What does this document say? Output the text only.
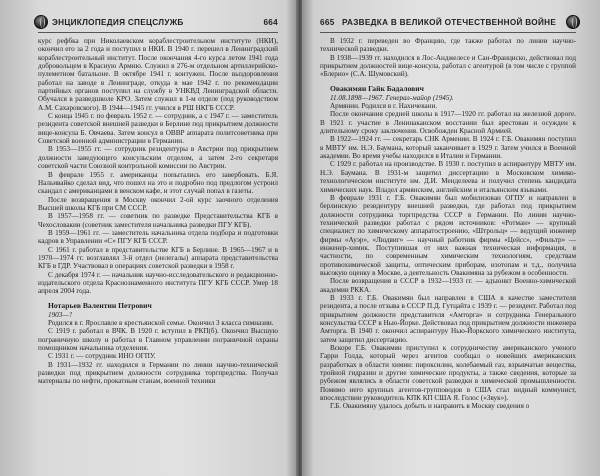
ЭНЦИКЛОПЕДИЯ СПЕЦСЛУЖБ	664

курс рефбка при Николаевском кораблестроительном институте (НКИ), окончил его за 2 года и поступил в НКИ. В 1940 г. перешел в Ленинградский кораблестроительный институт. После окончания 4-го курса летом 1941 года добровольцем в Красную Армию. Служил в 276-м отдельном артиллерийско-пулеметном батальоне. В октябре 1941 г. контужен. После выздоровления работал на заводе в Ленинграде, откуда в мае 1942 г. по рекомендации партийных органов поступил на службу в УНКВД Ленинградской области. Обучался в разведшколе КРО. Затем служил в 1-м отделе (под руководством А.М. Сахаровского). В 1944—1945 гг. учился в РШ НКГБ СССР.

С конца 1945 г. по февраль 1952 г. — сотрудник, а с 1947 г. — заместитель резидента советской внешней разведки в Берлине под прикрытием должности вице-консула Б. Овчаева. Затем консул в ОВВР аппарата политсоветника при Советской военной администрации в Германии.

В 1953—1955 гг. — сотрудник резидентуры в Австрии под прикрытием должности заведующего консульским отделом, а затем 2-го секретаря советской части Союзной контрольной комиссии по Австрии.

В феврале 1955 г. американцы попытались его завербовать. Б.Я. Нальивайко сделал вид, что пошел на это и подробно под предлогом устроил скандал с американцами в венском кафе, и этот случай попал в газеты.

После возвращения в Москву окончил 2-ой курс заочного отделения Высшей школы КГБ при СМ СССР.

В 1957—1958 гг. — советник по разведке Представительства КГБ в Чехословакии (советник заместителя начальника разведки ПГУ КГБ).

В 1959—1961 гг. — заместитель начальника отдела подбора и подготовки кадров в Управлении «С» ПГУ КГБ СССР.

С 1961 г. работал в представительстве КГБ в Берлине. В 1965—1967 и в 1970—1974 гг. возглавлял 3-й отдел (нелегалы) аппарата представительства КГБ в ГДР. Участвовал в операциях советской разведки в 1958 г.

С декабря 1974 г. — начальник научно-исследовательского и редакционно-издательского отдела Краснознаменного института ПГУ КГБ СССР. Умер 18 апреля 2004 года.

Нотарьев Валентин Петрович

1903—?

Родился в г. Ярославле в крестьянской семье. Окончил 3 класса гимназии.

С 1919 г. работал в ВЧК. В 1920 г. вступил в РКП(б). Окончил Высшую пограничную школу и работал в Главном управлении пограничной охраны помощником начальника отделения.

С 1931 г. — сотрудник ИНО ОГПУ.

В 1931—1932 гг. находился в Германии по линии научно-технической разведки под прикрытием должности сотрудника торгпредства. Получал материалы по нефти, прокатным станам, военной техники

665 РАЗВЕДКА В ВЕЛИКОЙ ОТЕЧЕСТВЕННОЙ ВОЙНЕ

В 1932 г. переведен во Францию, где также работал по линии научно-технической разведки.

В 1938—1939 гг. находился в Лос-Анджелесе и Сан-Франциско, действовал под прикрытием должностей вице-консула, работал с агентурой (в том числе с группой «Блерио» (С.А. Шумовский).

Овакимян Гайк Бадалович

11.08.1898—1967. Генерал-майор (1945).

Армянин. Родился в г. Нахичевани.

После окончания средней школы в 1917—1920 гг. работал на железной дороге. В 1921 г. участие в Ленинаканском восстании был арестован и осужден к длительному сроку заключения. Освобожден Красной Армией.

В 1922—1924 гг. — секретарь СНК Армении. В 1924 г. Г.Б. Овакимян поступил в МВТУ им. Н.Э. Баумана, который заканчивает в 1929 г. Затем учился в Военной академии. Во время учебы находился в Италии и Германии.

С 1929 г. работал на производстве. В 1930 г. поступил в аспирантуру МВТУ им. Н.Э. Баумана. В 1931-м защитил диссертацию в Московском химико-технологическом институте им. Д.И. Менделеева и получил степень кандидата химических наук. Владел армянским, английским и итальянским языками.

В феврале 1931 г. Г.Б. Овакимян был мобилизован ОГПУ и направлен в берлинскую резидентуру внешней разведки, где работал под прикрытием должности сотрудника торгпредства СССР в Германии. По линии научно-технической разведки работал с рядом источников: «Ротман» — крупный специалист по химическому аппаратостроению, «Штрольц» — ведущий инженер фирмы «Ауэр», «Людвиг» — научный работник фирмы «Цейсс», «Фильтр» — инженер-химик. Поступившая от них важная техническая информация, в частности, по современным химическим технологиям, средствам противохимической защиты, оптическим приборам, изотопам и т.д., получила высокую оценку в Москве, а деятельность Овакимяна за рубежом в особенности.

После возвращения в СССР в 1932—1933 гг. — адъюнкт Военно-химической академии РККА.

В 1933 г. Г.Б. Овакимян был направлен в США в качестве заместителя резидента, а после отзыва в СССР П.Д. Гутцайта с 1939 г. — резидент. Работал под прикрытием должности представителя «Амторга» и сотрудника Генерального консульства СССР в Нью-Йорке. Действовал под прикрытием должности инженера Амторга. В 1940 г. окончил аспирантуру Нью-Йоркского химического института, затем защитил диссертацию.

Вскоре Г.Б. Овакимян приступил к сотрудничеству американского ученого Гарри Голда, который через агентов сообщал о новейших американских разработках в области химии: пироксилин, колебаемый газ, взрывчатые вещества, тройной гидразин и другие химические продукты, а также сведения, которые за рубежом являлись в области советской разведки в химической промышленности. Помимо него крупных агентов-групповодов в США стал видный коммунист, впоследствии руководитель КПК КП США Я. Голос («Звук»).

Г.Б. Овакимяну удалось добыть и направить в Москву сведения о
